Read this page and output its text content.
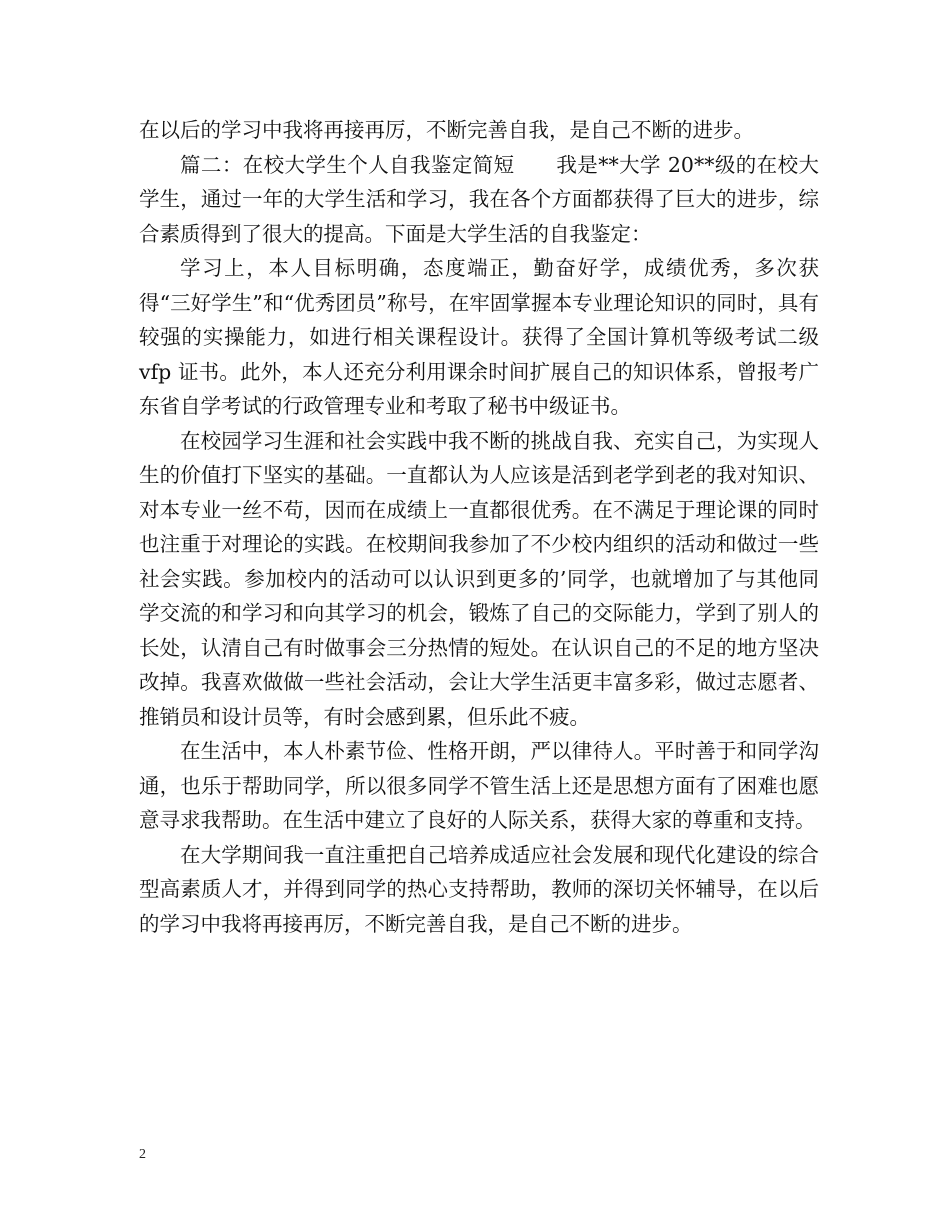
在以后的学习中我将再接再厉，不断完善自我，是自己不断的进步。

篇二：在校大学生个人自我鉴定简短　　我是**大学 20**级的在校大学生，通过一年的大学生活和学习，我在各个方面都获得了巨大的进步，综合素质得到了很大的提高。下面是大学生活的自我鉴定：

学习上，本人目标明确，态度端正，勤奋好学，成绩优秀，多次获得“三好学生”和“优秀团员”称号，在牢固掌握本专业理论知识的同时，具有较强的实操能力，如进行相关课程设计。获得了全国计算机等级考试二级 vfp 证书。此外，本人还充分利用课余时间扩展自己的知识体系，曾报考广东省自学考试的行政管理专业和考取了秘书中级证书。

在校园学习生涯和社会实践中我不断的挑战自我、充实自己，为实现人生的价值打下坚实的基础。一直都认为人应该是活到老学到老的我对知识、对本专业一丝不苟，因而在成绩上一直都很优秀。在不满足于理论课的同时也注重于对理论的实践。在校期间我参加了不少校内组织的活动和做过一些社会实践。参加校内的活动可以认识到更多的’同学，也就增加了与其他同学交流的和学习和向其学习的机会，锻炼了自己的交际能力，学到了别人的长处，认清自己有时做事会三分热情的短处。在认识自己的不足的地方坚决改掉。我喜欢做做一些社会活动，会让大学生活更丰富多彩，做过志愿者、推销员和设计员等，有时会感到累，但乐此不疲。

在生活中，本人朴素节俭、性格开朗，严以律待人。平时善于和同学沟通，也乐于帮助同学，所以很多同学不管生活上还是思想方面有了困难也愿意寻求我帮助。在生活中建立了良好的人际关系，获得大家的尊重和支持。

在大学期间我一直注重把自己培养成适应社会发展和现代化建设的综合型高素质人才，并得到同学的热心支持帮助，教师的深切关怀辅导，在以后的学习中我将再接再厉，不断完善自我，是自己不断的进步。

2
